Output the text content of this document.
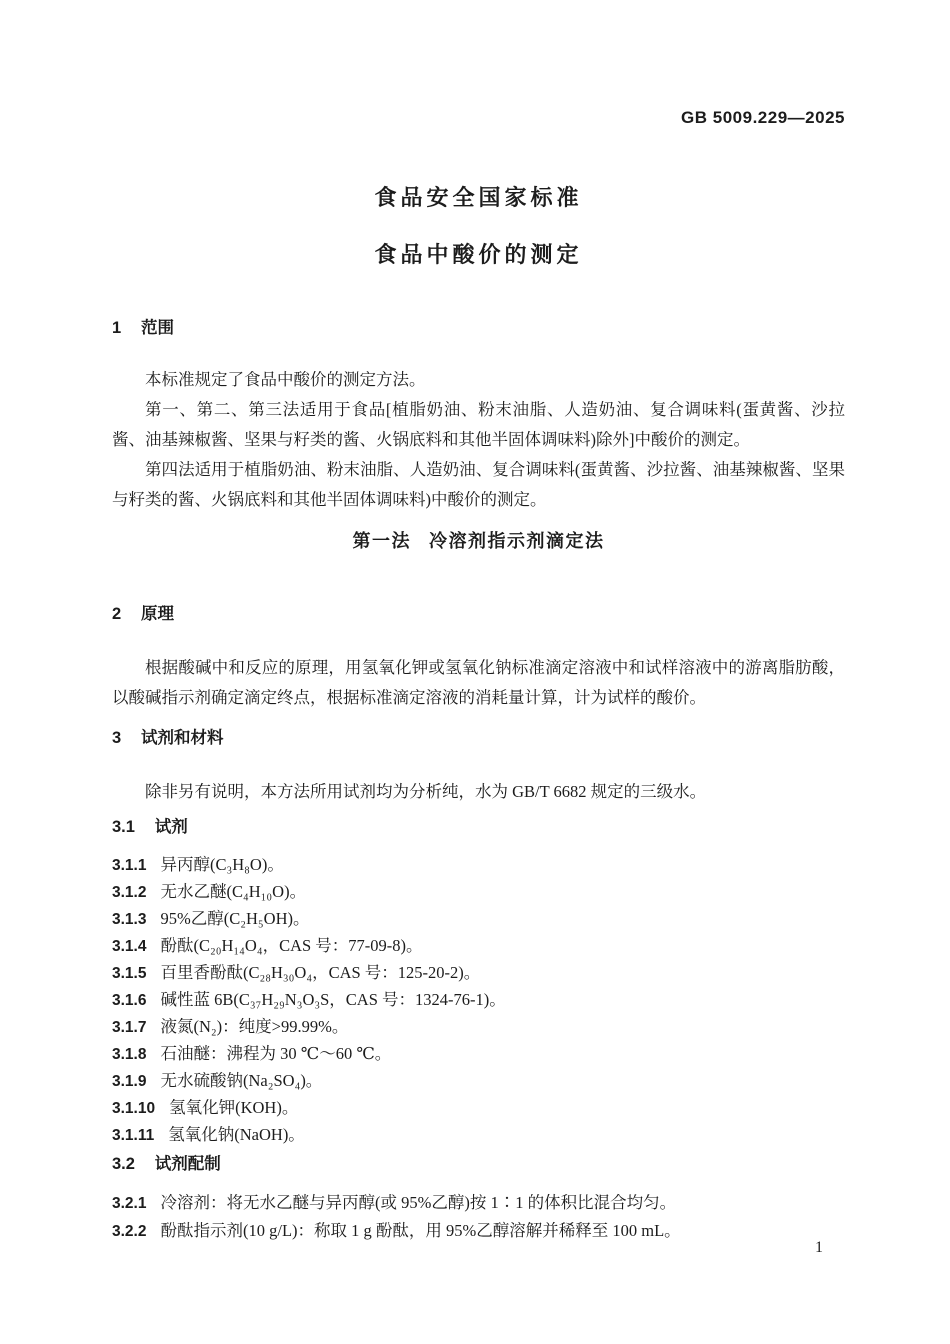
GB 5009.229—2025
食品安全国家标准
食品中酸价的测定
1 范围

本标准规定了食品中酸价的测定方法。

第一、第二、第三法适用于食品[植脂奶油、粉末油脂、人造奶油、复合调味料(蛋黄酱、沙拉酱、油基辣椒酱、坚果与籽类的酱、火锅底料和其他半固体调味料)除外]中酸价的测定。

第四法适用于植脂奶油、粉末油脂、人造奶油、复合调味料(蛋黄酱、沙拉酱、油基辣椒酱、坚果与籽类的酱、火锅底料和其他半固体调味料)中酸价的测定。

第一法 冷溶剂指示剂滴定法
2 原理

根据酸碱中和反应的原理，用氢氧化钾或氢氧化钠标准滴定溶液中和试样溶液中的游离脂肪酸，以酸碱指示剂确定滴定终点，根据标准滴定溶液的消耗量计算，计为试样的酸价。

3 试剂和材料

除非另有说明，本方法所用试剂均为分析纯，水为 GB/T 6682 规定的三级水。

3.1 试剂
3.1.1 异丙醇(C₃H₈O)。
3.1.2 无水乙醚(C₄H₁₀O)。
3.1.3 95%乙醇(C₂H₅OH)。
3.1.4 酚酞(C₂₀H₁₄O₄，CAS 号：77-09-8)。
3.1.5 百里香酚酞(C₂₈H₃₀O₄，CAS 号：125-20-2)。
3.1.6 碱性蓝 6B(C₃₇H₂₉N₃O₃S，CAS 号：1324-76-1)。
3.1.7 液氮(N₂)：纯度>99.99%。
3.1.8 石油醚：沸程为 30 ℃～60 ℃。
3.1.9 无水硫酸钠(Na₂SO₄)。
3.1.10 氢氧化钾(KOH)。
3.1.11 氢氧化钠(NaOH)。
3.2 试剂配制
3.2.1 冷溶剂：将无水乙醚与异丙醇(或 95%乙醇)按 1∶1 的体积比混合均匀。
3.2.2 酚酞指示剂(10 g/L)：称取 1 g 酚酞，用 95%乙醇溶解并稀释至 100 mL。
1
